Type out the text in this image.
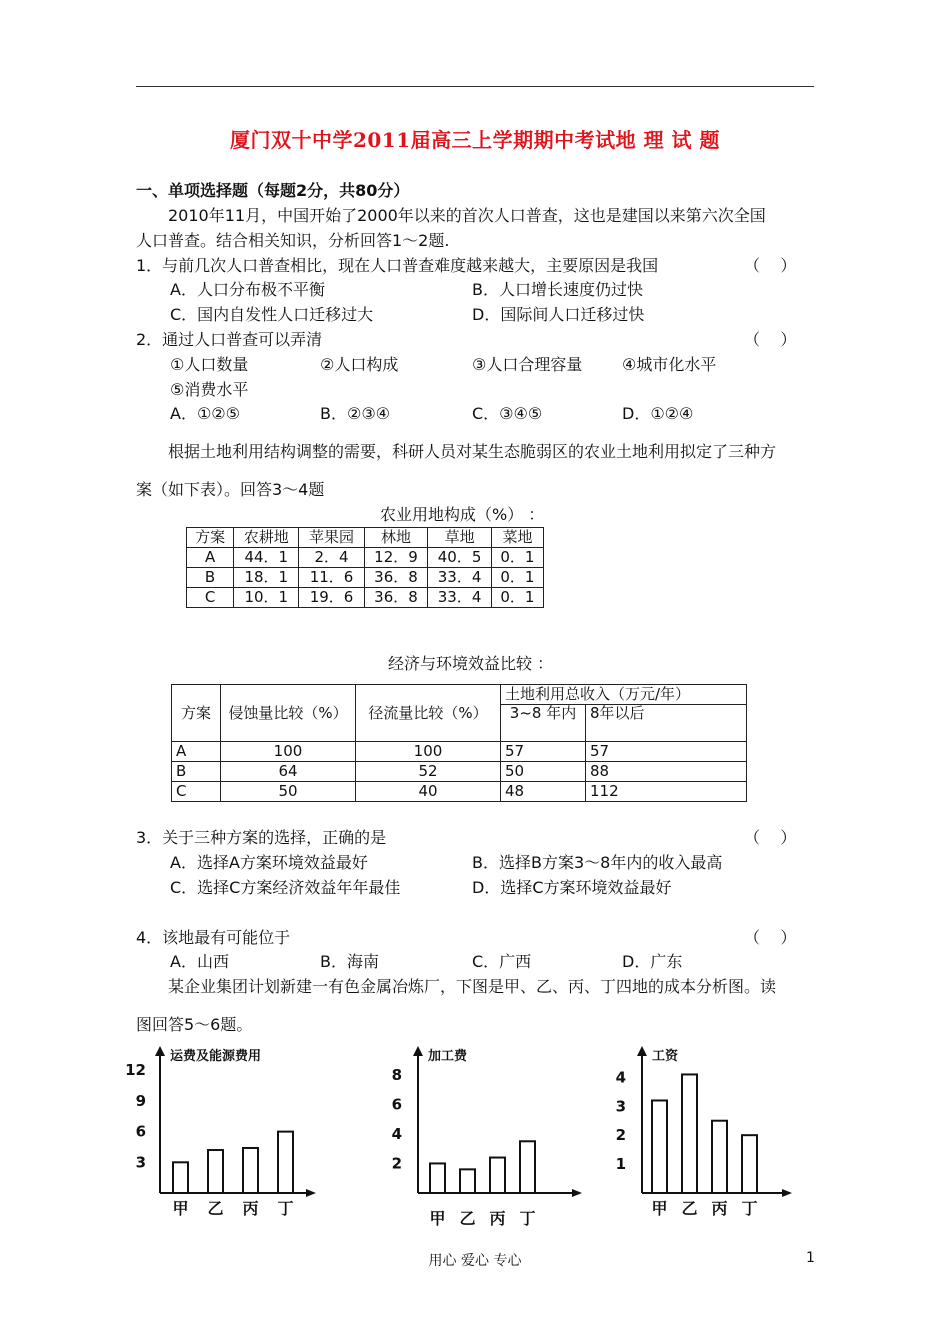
厦门双十中学2011届高三上学期期中考试地 理 试 题
一、单项选择题（每题2分，共80分）
2010年11月，中国开始了2000年以来的首次人口普查，这也是建国以来第六次全国
人口普查。结合相关知识，分析回答1～2题.
1．与前几次人口普查相比，现在人口普查难度越来越大，主要原因是我国	（    ）
A．人口分布极不平衡	B．人口增长速度仍过快
C．国内自发性人口迁移过大	D．国际间人口迁移过快
2．通过人口普查可以弄清	（    ）
①人口数量	②人口构成	③人口合理容量 ④城市化水平
⑤消费水平
A．①②⑤	B．②③④	C．③④⑤	D．①②④
根据土地利用结构调整的需要，科研人员对某生态脆弱区的农业土地利用拟定了三种方
案（如下表）。回答3～4题
农业用地构成（%） ：
方案	农耕地	苹果园	林地	草地	菜地
A	44．1	2．4	12．9	40．5	0．1
B	18．1	11．6	36．8	33．4	0．1
C	10．1	19．6	36．8	33．4	0．1
经济与环境效益比较 ：
方案	侵蚀量比较（%）	径流量比较（%）	土地利用总收入（万元/年）	
			3~8 年内	8年以后
A	100	100	57	57
B	64	52	50	88
C	50	40	48	112
3．关于三种方案的选择，正确的是	（    ）
A．选择A方案环境效益最好	B．选择B方案3～8年内的收入最高
C．选择C方案经济效益年年最佳	D．选择C方案环境效益最好
4．该地最有可能位于	（    ）
A．山西	B．海南	C．广西	D．广东
某企业集团计划新建一有色金属冶炼厂，下图是甲、乙、丙、丁四地的成本分析图。读
图回答5～6题。
运费及能源费用
3
6
9
12
甲 乙 丙 丁
加工费
2
4
6
8
甲 乙 丙 丁
工资
1
2
3
4
甲 乙 丙 丁
用心 爱心 专心	1
